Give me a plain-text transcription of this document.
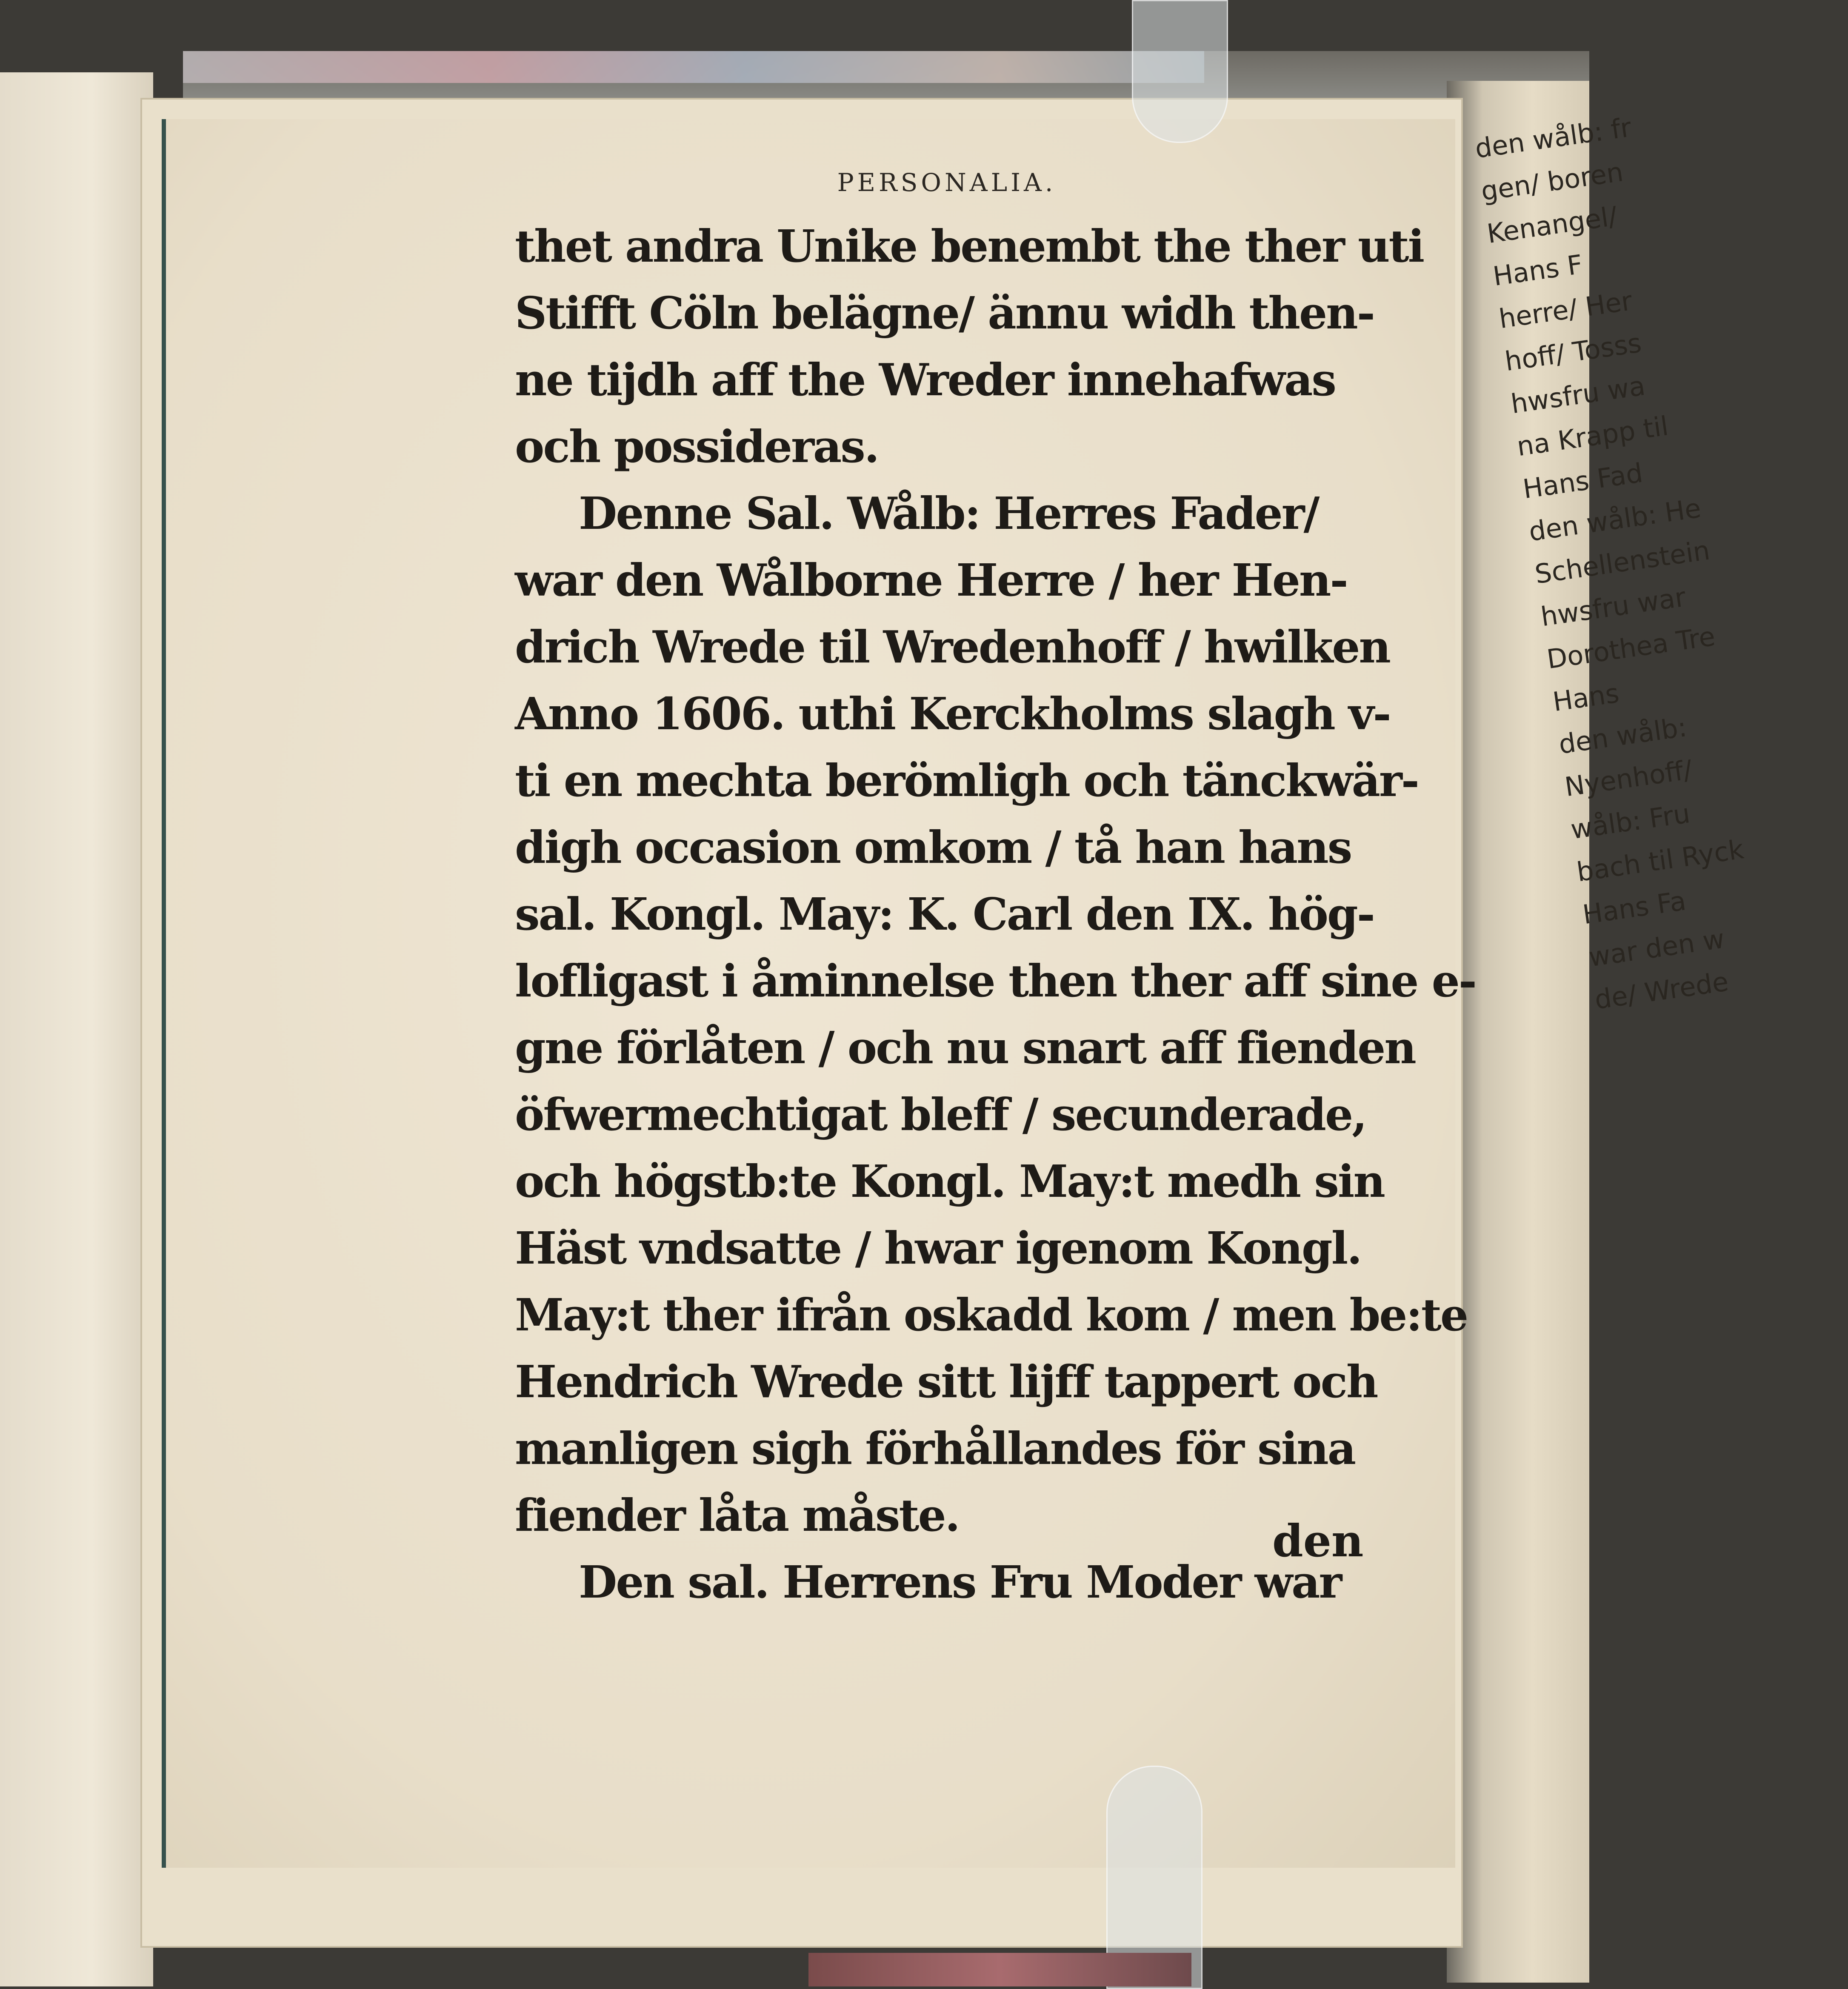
den wålb: fr
gen/ boren
Kenangel/
Hans F
herre/ Her
hoff/ Tosss
hwsfru wa
na Krapp til
Hans Fad
den wålb: He
Schellenstein
hwsfru war
Dorothea Tre
Hans
den wålb:
Nyenhoff/
wålb: Fru
bach til Ryck
Hans Fa
war den w
de/ Wrede
PERSONALIA.
thet andra Unike benembt the ther uti
Stifft Cöln belägne/ ännu widh then-
ne tijdh aff the Wreder innehafwas
och possideras.
Denne Sal. Wålb: Herres Fader/
war den Wålborne Herre / her Hen-
drich Wrede til Wredenhoff / hwilken
Anno 1606. uthi Kerckholms slagh v-
ti en mechta berömligh och tänckwär-
digh occasion omkom / tå han hans
sal. Kongl. May: K. Carl den IX. hög-
lofligast i åminnelse then ther aff sine e-
gne förlåten / och nu snart aff fienden
öfwermechtigat bleff / secunderade,
och högstb:te Kongl. May:t medh sin
Häst vndsatte / hwar igenom Kongl.
May:t ther ifrån oskadd kom / men be:te
Hendrich Wrede sitt lijff tappert och
manligen sigh förhållandes för sina
fiender låta måste.
Den sal. Herrens Fru Moder war
den
